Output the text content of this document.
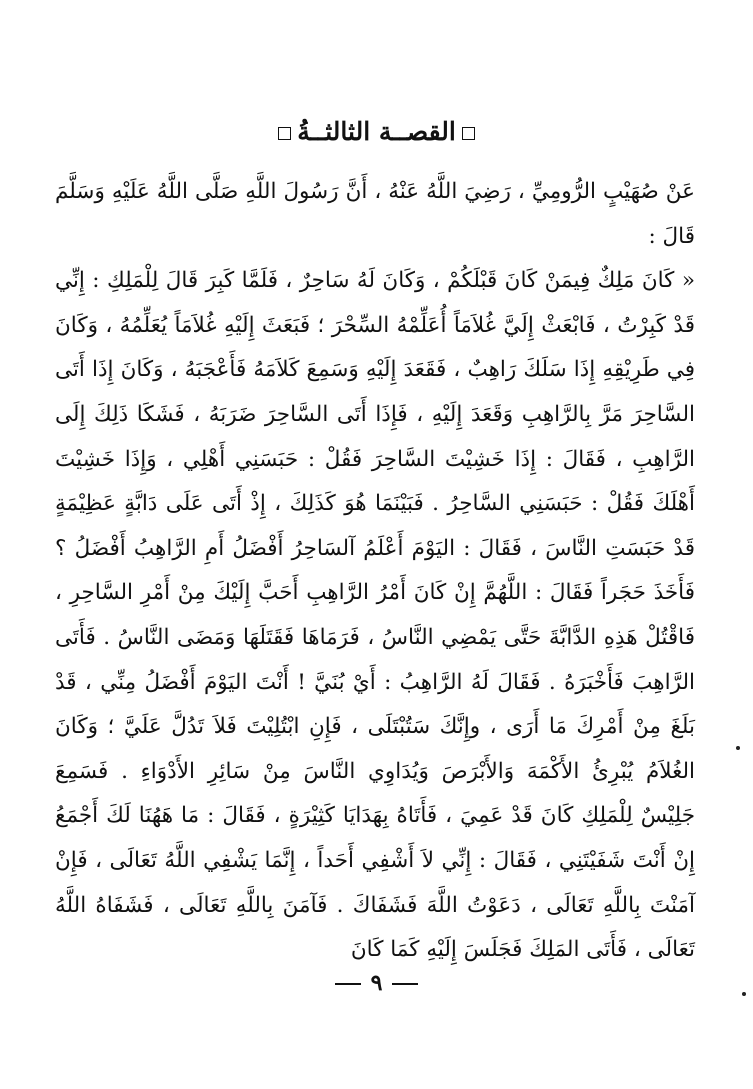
القصــة الثالثــةُ

عَنْ صُهَيْبٍ الرُّومِيِّ ، رَضِيَ اللَّهُ عَنْهُ ، أَنَّ رَسُولَ اللَّهِ صَلَّى اللَّهُ عَلَيْهِ وَسَلَّمَ قَالَ :

« كَانَ مَلِكٌ فِيمَنْ كَانَ قَبْلَكُمْ ، وَكَانَ لَهُ سَاحِرٌ ، فَلَمَّا كَبِرَ قَالَ لِلْمَلِكِ : إِنِّي قَدْ كَبِرْتُ ، فَابْعَثْ إِلَيَّ غُلاَمَاً أُعَلِّمْهُ السِّحْرَ ؛ فَبَعَثَ إِلَيْهِ غُلاَمَاً يُعَلِّمُهُ ، وَكَانَ فِي طَرِيْقِهِ إِذَا سَلَكَ رَاهِبٌ ، فَقَعَدَ إِلَيْهِ وَسَمِعَ كَلاَمَهُ فَأَعْجَبَهُ ، وَكَانَ إِذَا أَتَى السَّاحِرَ مَرَّ بِالرَّاهِبِ وَقَعَدَ إِلَيْهِ ، فَإِذَا أَتَى السَّاحِرَ ضَرَبَهُ ، فَشَكَا ذَلِكَ إِلَى الرَّاهِبِ ، فَقَالَ : إِذَا خَشِيْتَ السَّاحِرَ فَقُلْ : حَبَسَنِي أَهْلِي ، وَإِذَا خَشِيْتَ أَهْلَكَ فَقُلْ : حَبَسَنِي السَّاحِرُ . فَبَيْنَمَا هُوَ كَذَلِكَ ، إِذْ أَتَى عَلَى دَابَّةٍ عَظِيْمَةٍ قَدْ حَبَسَتِ النَّاسَ ، فَقَالَ : اليَوْمَ أَعْلَمُ آلسَاحِرُ أَفْضَلُ أَمِ الرَّاهِبُ أَفْضَلُ ؟ فَأَخَذَ حَجَراً فَقَالَ : اللَّهُمَّ إِنْ كَانَ أَمْرُ الرَّاهِبِ أَحَبَّ إِلَيْكَ مِنْ أَمْرِ السَّاحِرِ ، فَاقْتُلْ هَذِهِ الدَّابَّةَ حَتَّى يَمْضِي النَّاسُ ، فَرَمَاهَا فَقَتَلَهَا وَمَضَى النَّاسُ . فَأَتَى الرَّاهِبَ فَأَخْبَرَهُ . فَقَالَ لَهُ الرَّاهِبُ : أَيْ بُنَيَّ ! أَنْتَ اليَوْمَ أَفْضَلُ مِنِّي ، قَدْ بَلَغَ مِنْ أَمْرِكَ مَا أَرَى ، وإِنَّكَ سَتُبْتَلَى ، فَإِنِ ابْتُلِيْتَ فَلاَ تَدُلَّ عَلَيَّ ؛ وَكَانَ الغُلاَمُ يُبْرِئُ الأَكْمَهَ وَالأَبْرَصَ وَيُدَاوِي النَّاسَ مِنْ سَائِرِ الأَدْوَاءِ . فَسَمِعَ جَلِيْسٌ لِلْمَلِكِ كَانَ قَدْ عَمِيَ ، فَأَتَاهُ بِهَدَايَا كَثِيْرَةٍ ، فَقَالَ : مَا هَهُنَا لَكَ أَجْمَعُ إِنْ أَنْتَ شَفَيْتَنِي ، فَقَالَ : إِنِّي لاَ أَشْفِي أَحَداً ، إِنَّمَا يَشْفِي اللَّهُ تَعَالَى ، فَإِنْ آمَنْتَ بِاللَّهِ تَعَالَى ، دَعَوْتُ اللَّهَ فَشَفَاكَ . فَآمَنَ بِاللَّهِ تَعَالَى ، فَشَفَاهُ اللَّهُ تَعَالَى ، فَأَتَى المَلِكَ فَجَلَسَ إِلَيْهِ كَمَا كَانَ

٩
